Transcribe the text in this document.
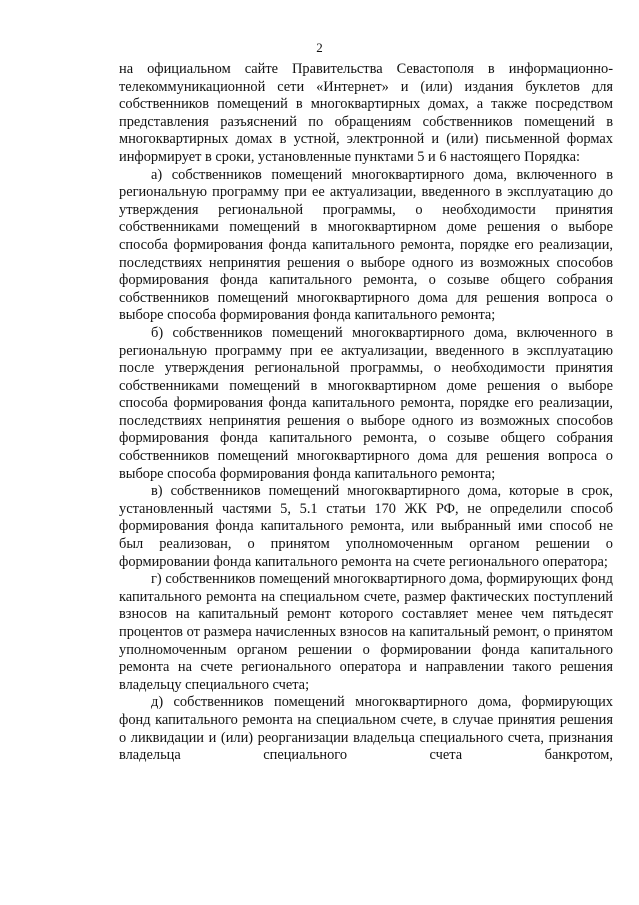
2

на официальном сайте Правительства Севастополя в информационно-телекоммуникационной сети «Интернет» и (или) издания буклетов для собственников помещений в многоквартирных домах, а также посредством представления разъяснений по обращениям собственников помещений в многоквартирных домах в устной, электронной и (или) письменной формах информирует в сроки, установленные пунктами 5 и 6 настоящего Порядка:

а) собственников помещений многоквартирного дома, включенного в региональную программу при ее актуализации, введенного в эксплуатацию до утверждения региональной программы, о необходимости принятия собственниками помещений в многоквартирном доме решения о выборе способа формирования фонда капитального ремонта, порядке его реализации, последствиях непринятия решения о выборе одного из возможных способов формирования фонда капитального ремонта, о созыве общего собрания собственников помещений многоквартирного дома для решения вопроса о выборе способа формирования фонда капитального ремонта;

б) собственников помещений многоквартирного дома, включенного в региональную программу при ее актуализации, введенного в эксплуатацию после утверждения региональной программы, о необходимости принятия собственниками помещений в многоквартирном доме решения о выборе способа формирования фонда капитального ремонта, порядке его реализации, последствиях непринятия решения о выборе одного из возможных способов формирования фонда капитального ремонта, о созыве общего собрания собственников помещений многоквартирного дома для решения вопроса о выборе способа формирования фонда капитального ремонта;

в) собственников помещений многоквартирного дома, которые в срок, установленный частями 5, 5.1 статьи 170 ЖК РФ, не определили способ формирования фонда капитального ремонта, или выбранный ими способ не был реализован, о принятом уполномоченным органом решении о формировании фонда капитального ремонта на счете регионального оператора;

г) собственников помещений многоквартирного дома, формирующих фонд капитального ремонта на специальном счете, размер фактических поступлений взносов на капитальный ремонт которого составляет менее чем пятьдесят процентов от размера начисленных взносов на капитальный ремонт, о принятом уполномоченным органом решении о формировании фонда капитального ремонта на счете регионального оператора и направлении такого решения владельцу специального счета;

д) собственников помещений многоквартирного дома, формирующих фонд капитального ремонта на специальном счете, в случае принятия решения о ликвидации и (или) реорганизации владельца специального счета, признания владельца специального счета банкротом,
